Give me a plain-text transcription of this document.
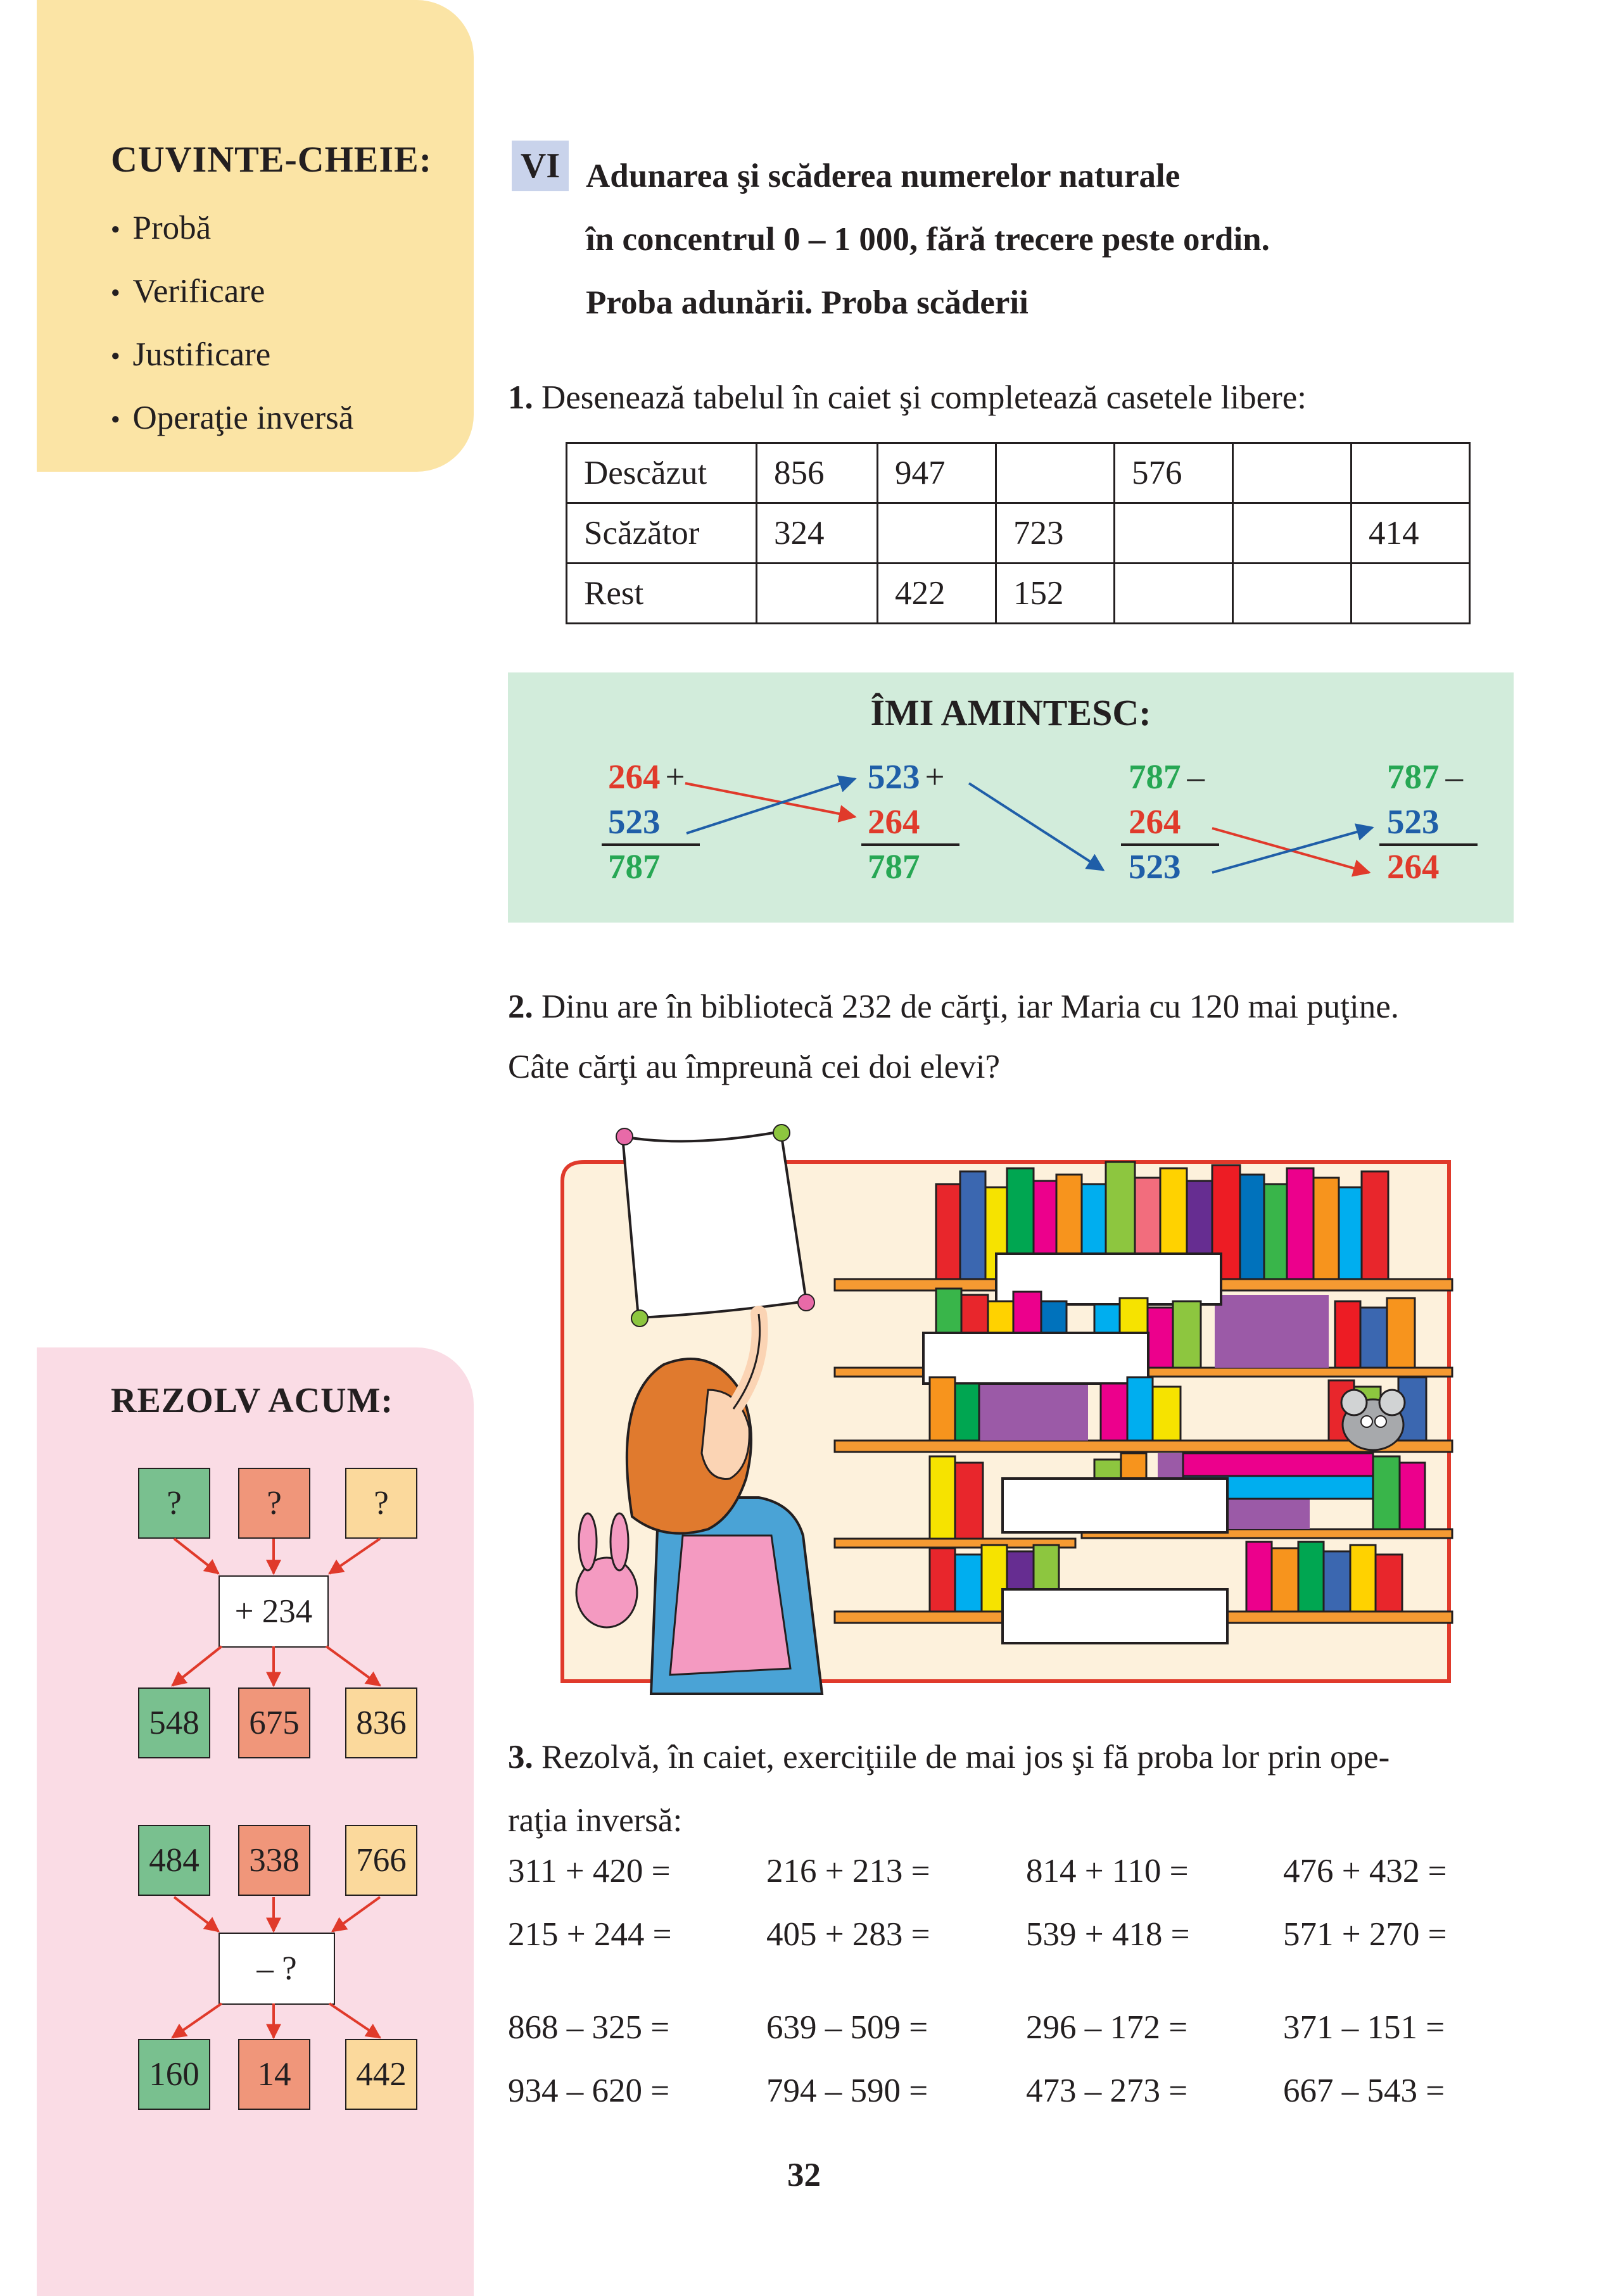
CUVINTE-CHEIE:
● Probă
● Verificare
● Justificare
● Operaţie inversă
VI Adunarea şi scăderea numerelor naturale
în concentrul 0 – 1 000, fără trecere peste ordin.
Proba adunării. Proba scăderii
1. Desenează tabelul în caiet şi completează casetele libere:
Descăzut	856	947		576		
Scăzător	324		723			414
Rest		422	152			
ÎMI AMINTESC:
264 +
523
787
523 +
264
787
787 –
264
523
787 –
523
264
2. Dinu are în bibliotecă 232 de cărţi, iar Maria cu 120 mai puţine.
Câte cărţi au împreună cei doi elevi?
REZOLV ACUM:
?	?	?
+ 234
548	675	836
484	338	766
– ?
160	14	442
3. Rezolvă, în caiet, exerciţiile de mai jos şi fă proba lor prin ope-
raţia inversă:
311 + 420 =	216 + 213 =	814 + 110 =	476 + 432 =
215 + 244 =	405 + 283 =	539 + 418 =	571 + 270 =
868 – 325 =	639 – 509 =	296 – 172 =	371 – 151 =
934 – 620 =	794 – 590 =	473 – 273 =	667 – 543 =
32
